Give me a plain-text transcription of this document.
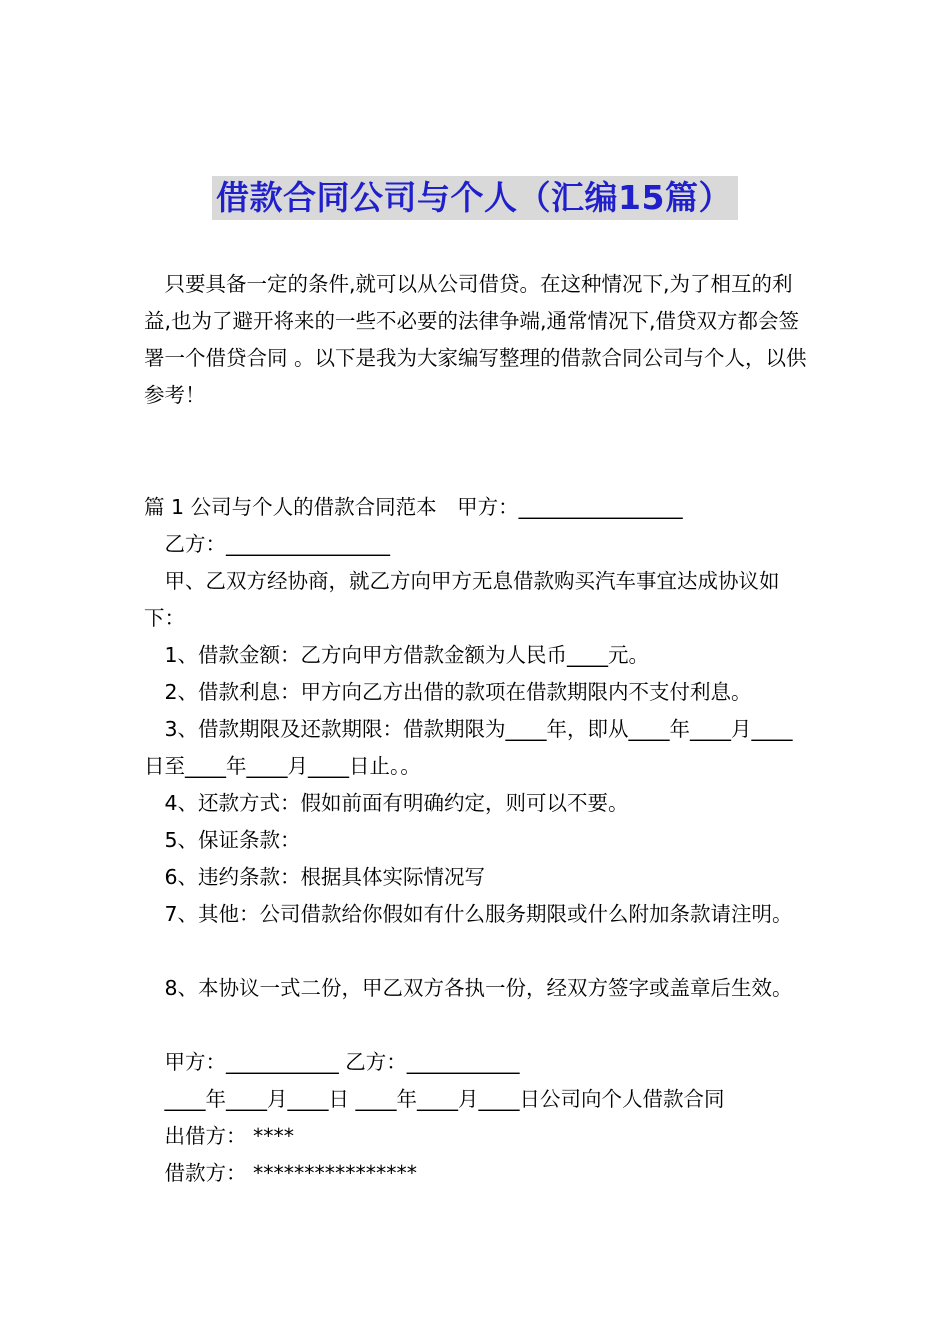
借款合同公司与个人（汇编15篇）

　只要具备一定的条件,就可以从公司借贷。在这种情况下,为了相互的利益,也为了避开将来的一些不必要的法律争端,通常情况下,借贷双方都会签署一个借贷合同 。以下是我为大家编写整理的借款合同公司与个人，以供参考！

篇 1 公司与个人的借款合同范本　甲方：________________

　乙方：________________

　甲、乙双方经协商，就乙方向甲方无息借款购买汽车事宜达成协议如下：

　1、借款金额：乙方向甲方借款金额为人民币____元。

　2、借款利息：甲方向乙方出借的款项在借款期限内不支付利息。

　3、借款期限及还款期限：借款期限为____年，即从____年____月____日至____年____月____日止。。

　4、还款方式：假如前面有明确约定，则可以不要。

　5、保证条款：

　6、违约条款：根据具体实际情况写

　7、其他：公司借款给你假如有什么服务期限或什么附加条款请注明。

　8、本协议一式二份，甲乙双方各执一份，经双方签字或盖章后生效。

　甲方：___________ 乙方：___________

　____年____月____日 ____年____月____日公司向个人借款合同

　出借方： ****

　借款方： ****************
